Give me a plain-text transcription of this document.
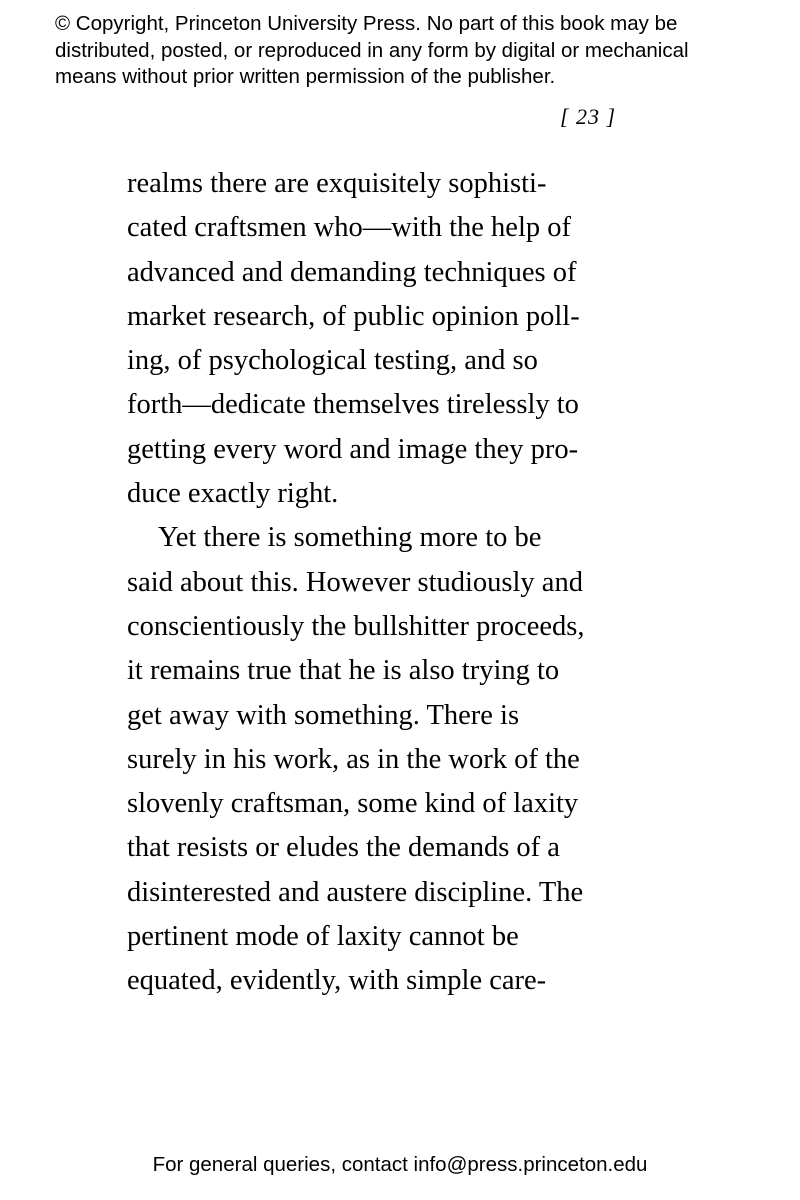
© Copyright, Princeton University Press. No part of this book may be
distributed, posted, or reproduced in any form by digital or mechanical
means without prior written permission of the publisher.
[ 23 ]
realms there are exquisitely sophisti-
cated craftsmen who—with the help of
advanced and demanding techniques of
market research, of public opinion poll-
ing, of psychological testing, and so
forth—dedicate themselves tirelessly to
getting every word and image they pro-
duce exactly right.
Yet there is something more to be
said about this. However studiously and
conscientiously the bullshitter proceeds,
it remains true that he is also trying to
get away with something. There is
surely in his work, as in the work of the
slovenly craftsman, some kind of laxity
that resists or eludes the demands of a
disinterested and austere discipline. The
pertinent mode of laxity cannot be
equated, evidently, with simple care-
For general queries, contact info@press.princeton.edu
